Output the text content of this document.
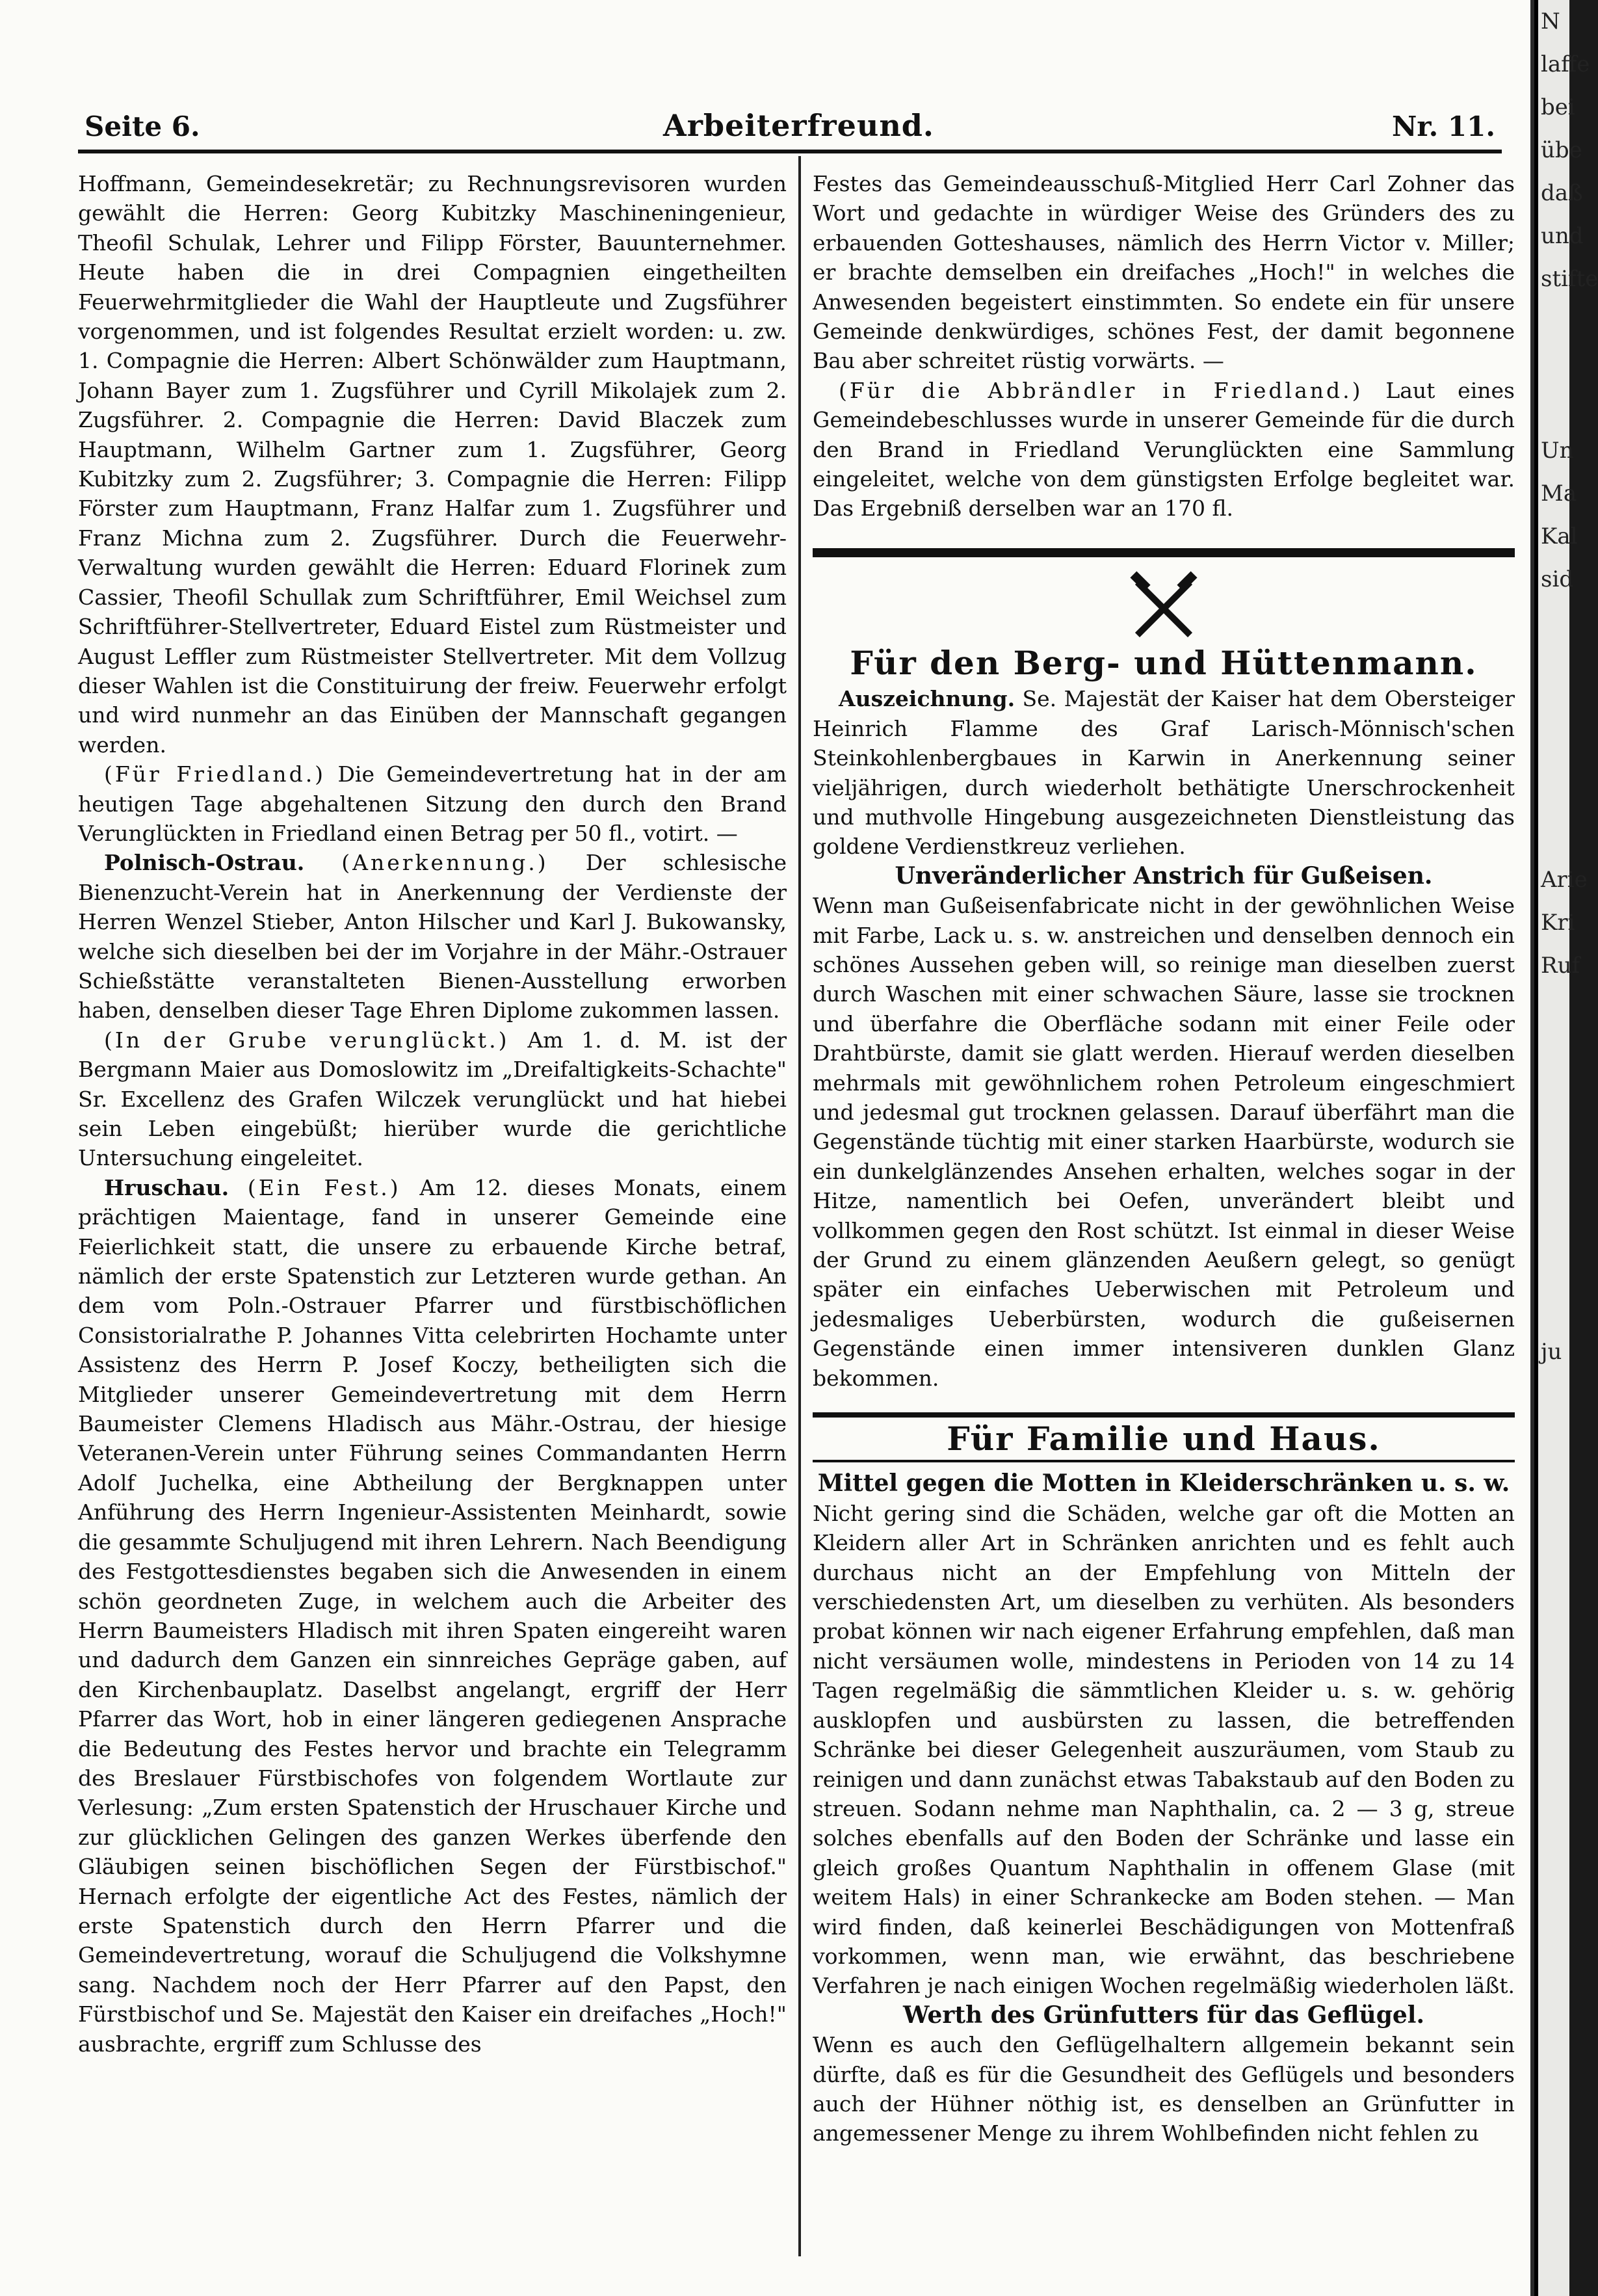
Seite 6.	Arbeiterfreund.	Nr. 11.

Hoffmann, Gemeindesekretär; zu Rechnungsrevisoren wurden gewählt die Herren: Georg Kubitzky Maschineningenieur, Theofil Schulak, Lehrer und Filipp Förster, Bauunternehmer. Heute haben die in drei Compagnien eingetheilten Feuerwehrmitglieder die Wahl der Hauptleute und Zugsführer vorgenommen, und ist folgendes Resultat erzielt worden: u. zw. 1. Compagnie die Herren: Albert Schönwälder zum Hauptmann, Johann Bayer zum 1. Zugsführer und Cyrill Mikolajek zum 2. Zugsführer. 2. Compagnie die Herren: David Blaczek zum Hauptmann, Wilhelm Gartner zum 1. Zugsführer, Georg Kubitzky zum 2. Zugsführer; 3. Compagnie die Herren: Filipp Förster zum Hauptmann, Franz Halfar zum 1. Zugsführer und Franz Michna zum 2. Zugsführer. Durch die Feuerwehr-Verwaltung wurden gewählt die Herren: Eduard Florinek zum Cassier, Theofil Schullak zum Schriftführer, Emil Weichsel zum Schriftführer-Stellvertreter, Eduard Eistel zum Rüstmeister und August Leffler zum Rüstmeister Stellvertreter. Mit dem Vollzug dieser Wahlen ist die Constituirung der freiw. Feuerwehr erfolgt und wird nunmehr an das Einüben der Mannschaft gegangen werden.

(Für Friedland.) Die Gemeindevertretung hat in der am heutigen Tage abgehaltenen Sitzung den durch den Brand Verunglückten in Friedland einen Betrag per 50 fl., votirt. —

Polnisch-Ostrau. (Anerkennung.) Der schlesische Bienenzucht-Verein hat in Anerkennung der Verdienste der Herren Wenzel Stieber, Anton Hilscher und Karl J. Bukowansky, welche sich dieselben bei der im Vorjahre in der Mähr.-Ostrauer Schießstätte veranstalteten Bienen-Ausstellung erworben haben, denselben dieser Tage Ehren Diplome zukommen lassen.

(In der Grube verunglückt.) Am 1. d. M. ist der Bergmann Maier aus Domoslowitz im „Dreifaltigkeits-Schachte" Sr. Excellenz des Grafen Wilczek verunglückt und hat hiebei sein Leben eingebüßt; hierüber wurde die gerichtliche Untersuchung eingeleitet.

Hruschau. (Ein Fest.) Am 12. dieses Monats, einem prächtigen Maientage, fand in unserer Gemeinde eine Feierlichkeit statt, die unsere zu erbauende Kirche betraf, nämlich der erste Spatenstich zur Letzteren wurde gethan. An dem vom Poln.-Ostrauer Pfarrer und fürstbischöflichen Consistorialrathe P. Johannes Vitta celebrirten Hochamte unter Assistenz des Herrn P. Josef Koczy, betheiligten sich die Mitglieder unserer Gemeindevertretung mit dem Herrn Baumeister Clemens Hladisch aus Mähr.-Ostrau, der hiesige Veteranen-Verein unter Führung seines Commandanten Herrn Adolf Juchelka, eine Abtheilung der Bergknappen unter Anführung des Herrn Ingenieur-Assistenten Meinhardt, sowie die gesammte Schuljugend mit ihren Lehrern. Nach Beendigung des Festgottesdienstes begaben sich die Anwesenden in einem schön geordneten Zuge, in welchem auch die Arbeiter des Herrn Baumeisters Hladisch mit ihren Spaten eingereiht waren und dadurch dem Ganzen ein sinnreiches Gepräge gaben, auf den Kirchenbauplatz. Daselbst angelangt, ergriff der Herr Pfarrer das Wort, hob in einer längeren gediegenen Ansprache die Bedeutung des Festes hervor und brachte ein Telegramm des Breslauer Fürstbischofes von folgendem Wortlaute zur Verlesung: „Zum ersten Spatenstich der Hruschauer Kirche und zur glücklichen Gelingen des ganzen Werkes überfende den Gläubigen seinen bischöflichen Segen der Fürstbischof." Hernach erfolgte der eigentliche Act des Festes, nämlich der erste Spatenstich durch den Herrn Pfarrer und die Gemeindevertretung, worauf die Schuljugend die Volkshymne sang. Nachdem noch der Herr Pfarrer auf den Papst, den Fürstbischof und Se. Majestät den Kaiser ein dreifaches „Hoch!" ausbrachte, ergriff zum Schlusse des

Festes das Gemeindeausschuß-Mitglied Herr Carl Zohner das Wort und gedachte in würdiger Weise des Gründers des zu erbauenden Gotteshauses, nämlich des Herrn Victor v. Miller; er brachte demselben ein dreifaches „Hoch!" in welches die Anwesenden begeistert einstimmten. So endete ein für unsere Gemeinde denkwürdiges, schönes Fest, der damit begonnene Bau aber schreitet rüstig vorwärts. —

(Für die Abbrändler in Friedland.) Laut eines Gemeindebeschlusses wurde in unserer Gemeinde für die durch den Brand in Friedland Verunglückten eine Sammlung eingeleitet, welche von dem günstigsten Erfolge begleitet war. Das Ergebniß derselben war an 170 fl.

Für den Berg- und Hüttenmann.

Auszeichnung. Se. Majestät der Kaiser hat dem Obersteiger Heinrich Flamme des Graf Larisch-Mönnisch'schen Steinkohlenbergbaues in Karwin in Anerkennung seiner vieljährigen, durch wiederholt bethätigte Unerschrockenheit und muthvolle Hingebung ausgezeichneten Dienstleistung das goldene Verdienstkreuz verliehen.

Unveränderlicher Anstrich für Gußeisen.

Wenn man Gußeisenfabricate nicht in der gewöhnlichen Weise mit Farbe, Lack u. s. w. anstreichen und denselben dennoch ein schönes Aussehen geben will, so reinige man dieselben zuerst durch Waschen mit einer schwachen Säure, lasse sie trocknen und überfahre die Oberfläche sodann mit einer Feile oder Drahtbürste, damit sie glatt werden. Hierauf werden dieselben mehrmals mit gewöhnlichem rohen Petroleum eingeschmiert und jedesmal gut trocknen gelassen. Darauf überfährt man die Gegenstände tüchtig mit einer starken Haarbürste, wodurch sie ein dunkelglänzendes Ansehen erhalten, welches sogar in der Hitze, namentlich bei Oefen, unverändert bleibt und vollkommen gegen den Rost schützt. Ist einmal in dieser Weise der Grund zu einem glänzenden Aeußern gelegt, so genügt später ein einfaches Ueberwischen mit Petroleum und jedesmaliges Ueberbürsten, wodurch die gußeisernen Gegenstände einen immer intensiveren dunklen Glanz bekommen.

Für Familie und Haus.

Mittel gegen die Motten in Kleiderschränken u. s. w.

Nicht gering sind die Schäden, welche gar oft die Motten an Kleidern aller Art in Schränken anrichten und es fehlt auch durchaus nicht an der Empfehlung von Mitteln der verschiedensten Art, um dieselben zu verhüten. Als besonders probat können wir nach eigener Erfahrung empfehlen, daß man nicht versäumen wolle, mindestens in Perioden von 14 zu 14 Tagen regelmäßig die sämmtlichen Kleider u. s. w. gehörig ausklopfen und ausbürsten zu lassen, die betreffenden Schränke bei dieser Gelegenheit auszuräumen, vom Staub zu reinigen und dann zunächst etwas Tabakstaub auf den Boden zu streuen. Sodann nehme man Naphthalin, ca. 2 — 3 g, streue solches ebenfalls auf den Boden der Schränke und lasse ein gleich großes Quantum Naphthalin in offenem Glase (mit weitem Hals) in einer Schrankecke am Boden stehen. — Man wird finden, daß keinerlei Beschädigungen von Mottenfraß vorkommen, wenn man, wie erwähnt, das beschriebene Verfahren je nach einigen Wochen regelmäßig wiederholen läßt.

Werth des Grünfutters für das Geflügel.

Wenn es auch den Geflügelhaltern allgemein bekannt sein dürfte, daß es für die Gesundheit des Geflügels und besonders auch der Hühner nöthig ist, es denselben an Grünfutter in angemessener Menge zu ihrem Wohlbefinden nicht fehlen zu

N
laffe
bei
übe
daß
und
stifte

Un
Ma
Kal
sid

Arie
Kri
Ruf

ju
